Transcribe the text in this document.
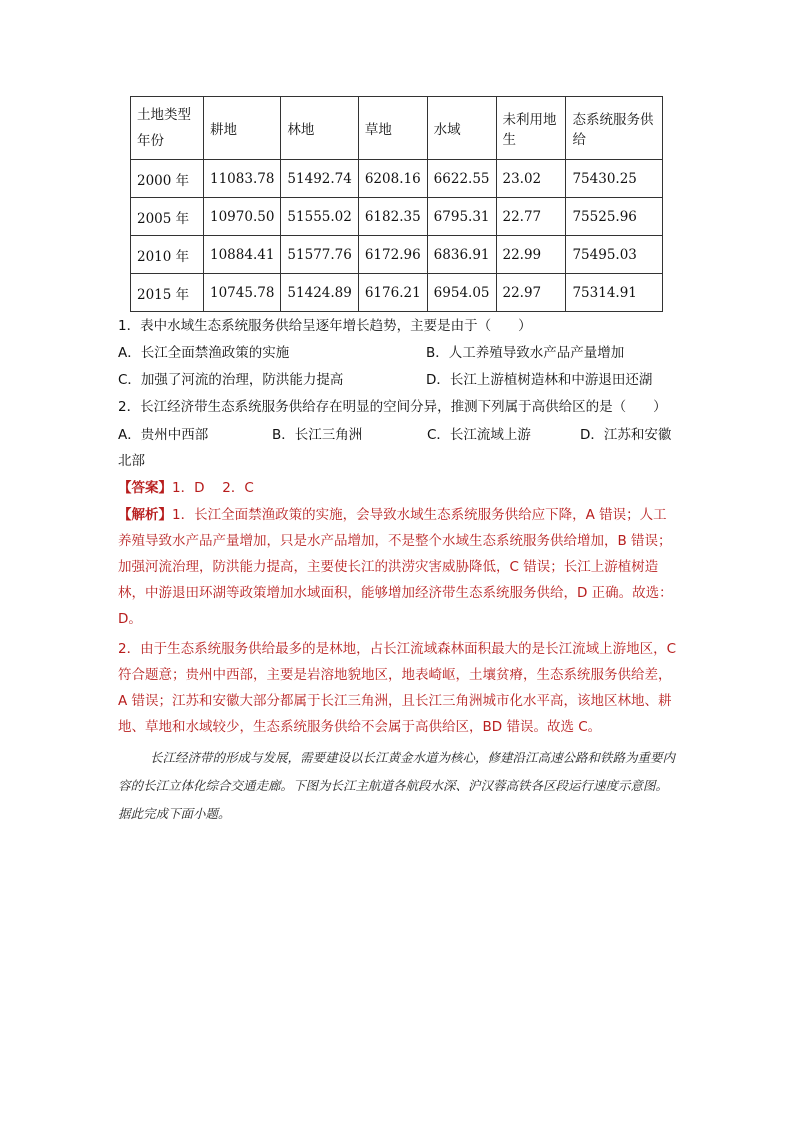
土地类型
年份	耕地	林地	草地	水域	未利用地生	态系统服务供给
2000 年	11083.78	51492.74	6208.16	6622.55	23.02	75430.25
2005 年	10970.50	51555.02	6182.35	6795.31	22.77	75525.96
2010 年	10884.41	51577.76	6172.96	6836.91	22.99	75495.03
2015 年	10745.78	51424.89	6176.21	6954.05	22.97	75314.91
1．表中水域生态系统服务供给呈逐年增长趋势，主要是由于（　　）
A．长江全面禁渔政策的实施	B．人工养殖导致水产品产量增加
C．加强了河流的治理，防洪能力提高	D．长江上游植树造林和中游退田还湖
2．长江经济带生态系统服务供给存在明显的空间分异，推测下列属于高供给区的是（　　）
A．贵州中西部	B．长江三角洲	C．长江流域上游	D．江苏和安徽
北部
【答案】1．D　 2．C
【解析】1．长江全面禁渔政策的实施，会导致水域生态系统服务供给应下降，A 错误；人工养殖导致水产品产量增加，只是水产品增加，不是整个水域生态系统服务供给增加，B 错误；加强河流治理，防洪能力提高，主要使长江的洪涝灾害威胁降低，C 错误；长江上游植树造林，中游退田环湖等政策增加水域面积，能够增加经济带生态系统服务供给，D 正确。故选：D。
2．由于生态系统服务供给最多的是林地，占长江流域森林面积最大的是长江流域上游地区，C 符合题意；贵州中西部，主要是岩溶地貌地区，地表崎岖，土壤贫瘠，生态系统服务供给差，A 错误；江苏和安徽大部分都属于长江三角洲，且长江三角洲城市化水平高，该地区林地、耕地、草地和水域较少，生态系统服务供给不会属于高供给区，BD 错误。故选 C。
长江经济带的形成与发展，需要建设以长江黄金水道为核心，修建沿江高速公路和铁路为重要内容的长江立体化综合交通走廊。下图为长江主航道各航段水深、沪汉蓉高铁各区段运行速度示意图。据此完成下面小题。
